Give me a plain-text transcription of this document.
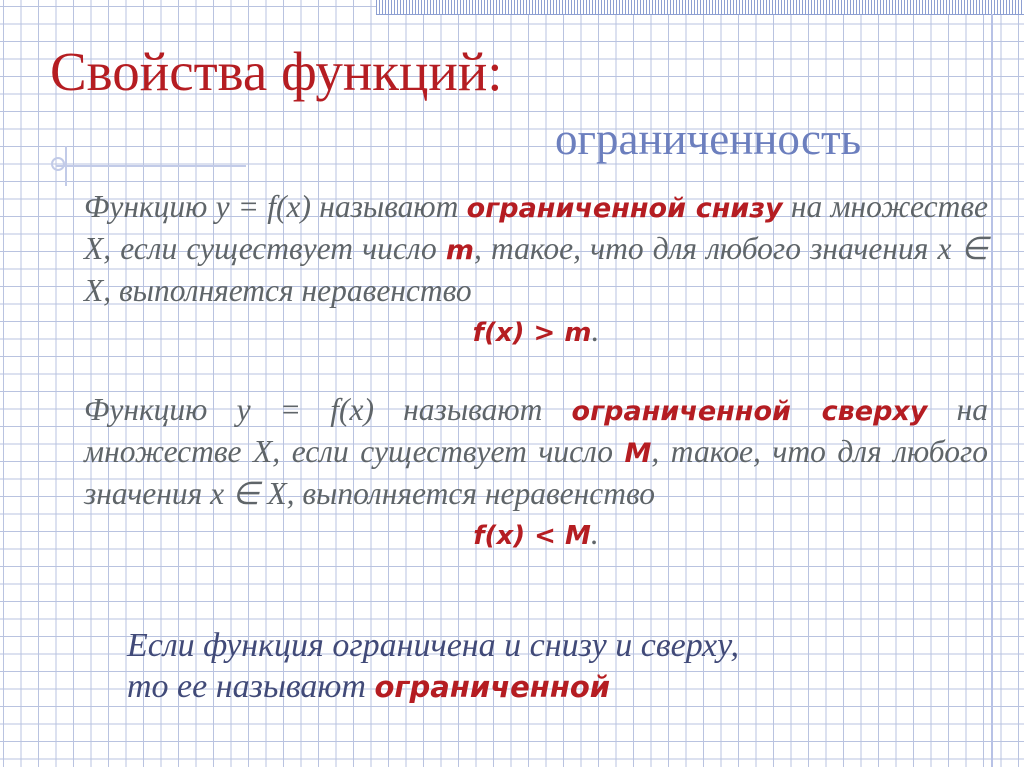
Свойства функций:
ограниченность

Функцию y = f(x) называют ограниченной снизу на множестве X, если существует число m, такое, что для любого значения x ∈ X, выполняется неравенство
f(x) > m.

Функцию y = f(x) называют ограниченной сверху на множестве X, если существует число M, такое, что для любого значения x ∈ X, выполняется неравенство
f(x) < M.

Если функция ограничена и снизу и сверху,
то ее называют ограниченной
